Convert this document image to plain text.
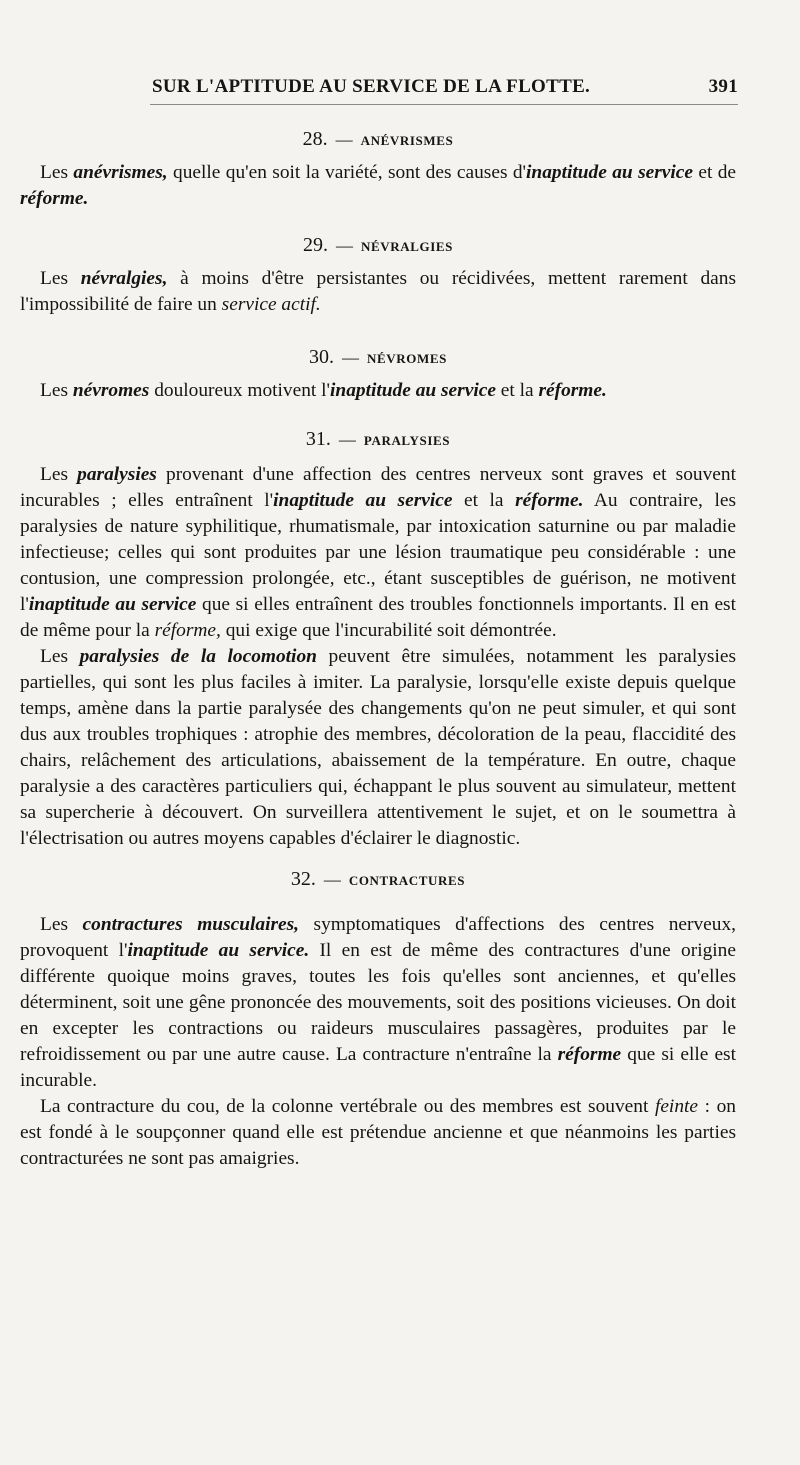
SUR L'APTITUDE AU SERVICE DE LA FLOTTE.	391
28. — ANÉVRISMES

Les anévrismes, quelle qu'en soit la variété, sont des causes d'inaptitude au service et de réforme.

29. — NÉVRALGIES

Les névralgies, à moins d'être persistantes ou récidivées, mettent rarement dans l'impossibilité de faire un service actif.

30. — NÉVROMES

Les névromes douloureux motivent l'inaptitude au service et la réforme.

31. — PARALYSIES

Les paralysies provenant d'une affection des centres nerveux sont graves et souvent incurables ; elles entraînent l'inaptitude au service et la réforme. Au contraire, les paralysies de nature syphilitique, rhumatismale, par intoxication saturnine ou par maladie infectieuse; celles qui sont produites par une lésion traumatique peu considérable : une contusion, une compression prolongée, etc., étant susceptibles de guérison, ne motivent l'inaptitude au service que si elles entraînent des troubles fonctionnels importants. Il en est de même pour la réforme, qui exige que l'incurabilité soit démontrée.

Les paralysies de la locomotion peuvent être simulées, notamment les paralysies partielles, qui sont les plus faciles à imiter. La paralysie, lorsqu'elle existe depuis quelque temps, amène dans la partie paralysée des changements qu'on ne peut simuler, et qui sont dus aux troubles trophiques : atrophie des membres, décoloration de la peau, flaccidité des chairs, relâchement des articulations, abaissement de la température. En outre, chaque paralysie a des caractères particuliers qui, échappant le plus souvent au simulateur, mettent sa supercherie à découvert. On surveillera attentivement le sujet, et on le soumettra à l'électrisation ou autres moyens capables d'éclairer le diagnostic.

32. — CONTRACTURES

Les contractures musculaires, symptomatiques d'affections des centres nerveux, provoquent l'inaptitude au service. Il en est de même des contractures d'une origine différente quoique moins graves, toutes les fois qu'elles sont anciennes, et qu'elles déterminent, soit une gêne prononcée des mouvements, soit des positions vicieuses. On doit en excepter les contractions ou raideurs musculaires passagères, produites par le refroidissement ou par une autre cause. La contracture n'entraîne la réforme que si elle est incurable.

La contracture du cou, de la colonne vertébrale ou des membres est souvent feinte : on est fondé à le soupçonner quand elle est prétendue ancienne et que néanmoins les parties contracturées ne sont pas amaigries.
